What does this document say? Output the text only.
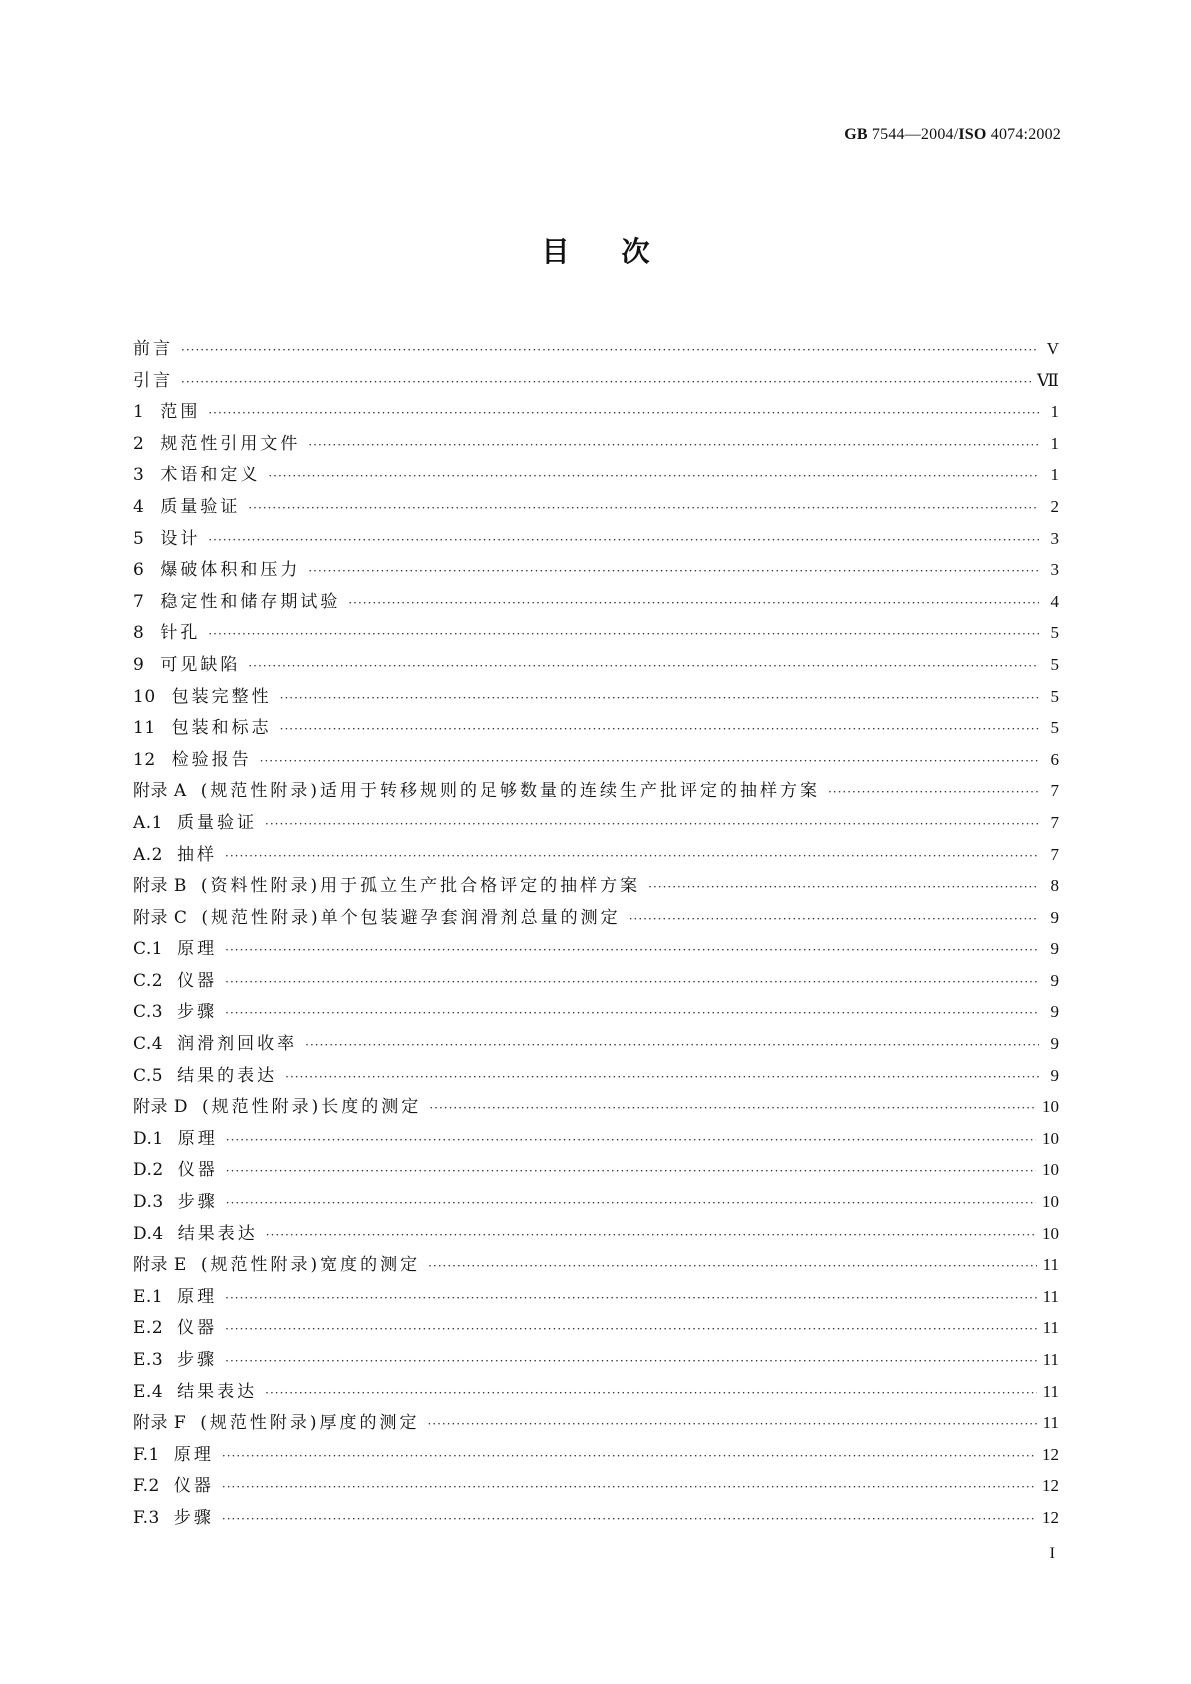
GB 7544—2004/ISO 4074:2002
目次
前言 ·····	V
引言 ·····	Ⅶ
1 范围 ·····	1
2 规范性引用文件 ·····	1
3 术语和定义 ·····	1
4 质量验证 ·····	2
5 设计 ·····	3
6 爆破体积和压力 ·····	3
7 稳定性和储存期试验 ·····	4
8 针孔 ·····	5
9 可见缺陷 ·····	5
10 包装完整性 ·····	5
11 包装和标志 ·····	5
12 检验报告 ·····	6
附录 A (规范性附录)适用于转移规则的足够数量的连续生产批评定的抽样方案 ·····	7
A.1 质量验证 ·····	7
A.2 抽样 ·····	7
附录 B (资料性附录)用于孤立生产批合格评定的抽样方案 ·····	8
附录 C (规范性附录)单个包装避孕套润滑剂总量的测定 ·····	9
C.1 原理 ·····	9
C.2 仪器 ·····	9
C.3 步骤 ·····	9
C.4 润滑剂回收率 ·····	9
C.5 结果的表达 ·····	9
附录 D (规范性附录)长度的测定 ·····	10
D.1 原理 ·····	10
D.2 仪器 ·····	10
D.3 步骤 ·····	10
D.4 结果表达 ·····	10
附录 E (规范性附录)宽度的测定 ·····	11
E.1 原理 ·····	11
E.2 仪器 ·····	11
E.3 步骤 ·····	11
E.4 结果表达 ·····	11
附录 F (规范性附录)厚度的测定 ·····	11
F.1 原理 ·····	12
F.2 仪器 ·····	12
F.3 步骤 ·····	12
I
